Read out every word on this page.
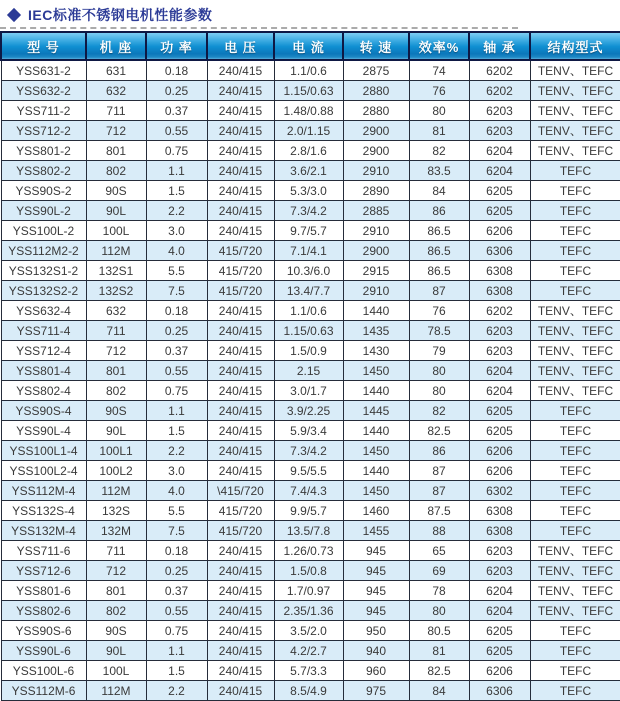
IEC标准不锈钢电机性能参数
型 号	机 座	功 率	电 压	电 流	转 速	效率%	轴 承	结构型式
YSS631-2	631	0.18	240/415	1.1/0.6	2875	74	6202	TENV、TEFC
YSS632-2	632	0.25	240/415	1.15/0.63	2880	76	6202	TENV、TEFC
YSS711-2	711	0.37	240/415	1.48/0.88	2880	80	6203	TENV、TEFC
YSS712-2	712	0.55	240/415	2.0/1.15	2900	81	6203	TENV、TEFC
YSS801-2	801	0.75	240/415	2.8/1.6	2900	82	6204	TENV、TEFC
YSS802-2	802	1.1	240/415	3.6/2.1	2910	83.5	6204	TEFC
YSS90S-2	90S	1.5	240/415	5.3/3.0	2890	84	6205	TEFC
YSS90L-2	90L	2.2	240/415	7.3/4.2	2885	86	6205	TEFC
YSS100L-2	100L	3.0	240/415	9.7/5.7	2910	86.5	6206	TEFC
YSS112M2-2	112M	4.0	415/720	7.1/4.1	2900	86.5	6306	TEFC
YSS132S1-2	132S1	5.5	415/720	10.3/6.0	2915	86.5	6308	TEFC
YSS132S2-2	132S2	7.5	415/720	13.4/7.7	2910	87	6308	TEFC
YSS632-4	632	0.18	240/415	1.1/0.6	1440	76	6202	TENV、TEFC
YSS711-4	711	0.25	240/415	1.15/0.63	1435	78.5	6203	TENV、TEFC
YSS712-4	712	0.37	240/415	1.5/0.9	1430	79	6203	TENV、TEFC
YSS801-4	801	0.55	240/415	2.15	1450	80	6204	TENV、TEFC
YSS802-4	802	0.75	240/415	3.0/1.7	1440	80	6204	TENV、TEFC
YSS90S-4	90S	1.1	240/415	3.9/2.25	1445	82	6205	TEFC
YSS90L-4	90L	1.5	240/415	5.9/3.4	1440	82.5	6205	TEFC
YSS100L1-4	100L1	2.2	240/415	7.3/4.2	1450	86	6206	TEFC
YSS100L2-4	100L2	3.0	240/415	9.5/5.5	1440	87	6206	TEFC
YSS112M-4	112M	4.0	\415/720	7.4/4.3	1450	87	6302	TEFC
YSS132S-4	132S	5.5	415/720	9.9/5.7	1460	87.5	6308	TEFC
YSS132M-4	132M	7.5	415/720	13.5/7.8	1455	88	6308	TEFC
YSS711-6	711	0.18	240/415	1.26/0.73	945	65	6203	TENV、TEFC
YSS712-6	712	0.25	240/415	1.5/0.8	945	69	6203	TENV、TEFC
YSS801-6	801	0.37	240/415	1.7/0.97	945	78	6204	TENV、TEFC
YSS802-6	802	0.55	240/415	2.35/1.36	945	80	6204	TENV、TEFC
YSS90S-6	90S	0.75	240/415	3.5/2.0	950	80.5	6205	TEFC
YSS90L-6	90L	1.1	240/415	4.2/2.7	940	81	6205	TEFC
YSS100L-6	100L	1.5	240/415	5.7/3.3	960	82.5	6206	TEFC
YSS112M-6	112M	2.2	240/415	8.5/4.9	975	84	6306	TEFC
